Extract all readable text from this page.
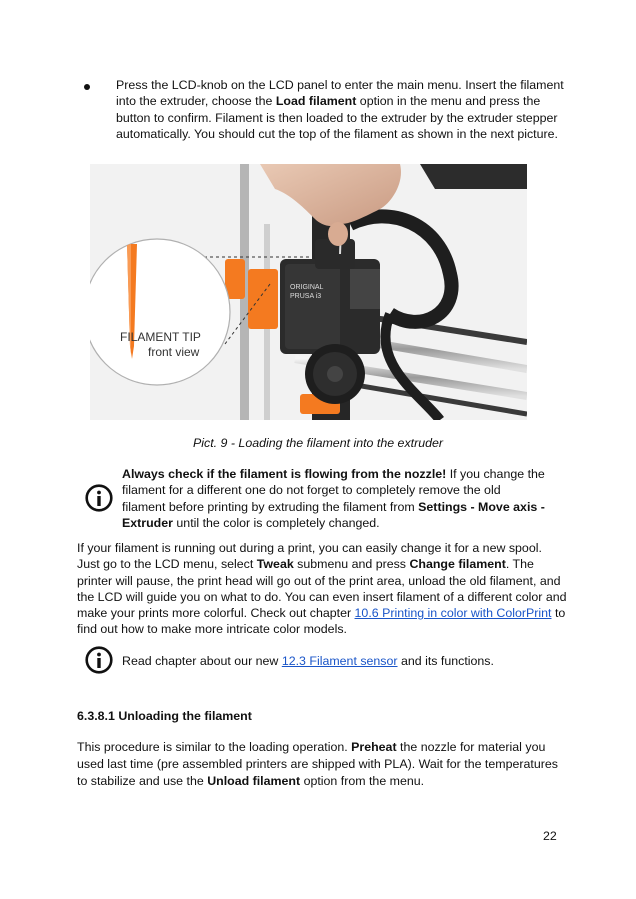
Press the LCD-knob on the LCD panel to enter the main menu. Insert the filament into the extruder, choose the Load filament option in the menu and press the button to confirm. Filament is then loaded to the extruder by the extruder stepper automatically. You should cut the top of the filament as shown in the next picture.
ORIGINAL
PRUSA i3
FILAMENT TIP
front view
Pict. 9 - Loading the filament into the extruder
Always check if the filament is flowing from the nozzle! If you change the filament for a different one do not forget to completely remove the old filament before printing by extruding the filament from Settings - Move axis - Extruder until the color is completely changed.
If your filament is running out during a print, you can easily change it for a new spool. Just go to the LCD menu, select Tweak submenu and press Change filament. The printer will pause, the print head will go out of the print area, unload the old filament, and the LCD will guide you on what to do. You can even insert filament of a different color and make your prints more colorful. Check out chapter 10.6 Printing in color with ColorPrint to find out how to make more intricate color models.
Read chapter about our new 12.3 Filament sensor and its functions.
6.3.8.1 Unloading the filament
This procedure is similar to the loading operation. Preheat the nozzle for material you used last time (pre assembled printers are shipped with PLA). Wait for the temperatures to stabilize and use the Unload filament option from the menu.
22
